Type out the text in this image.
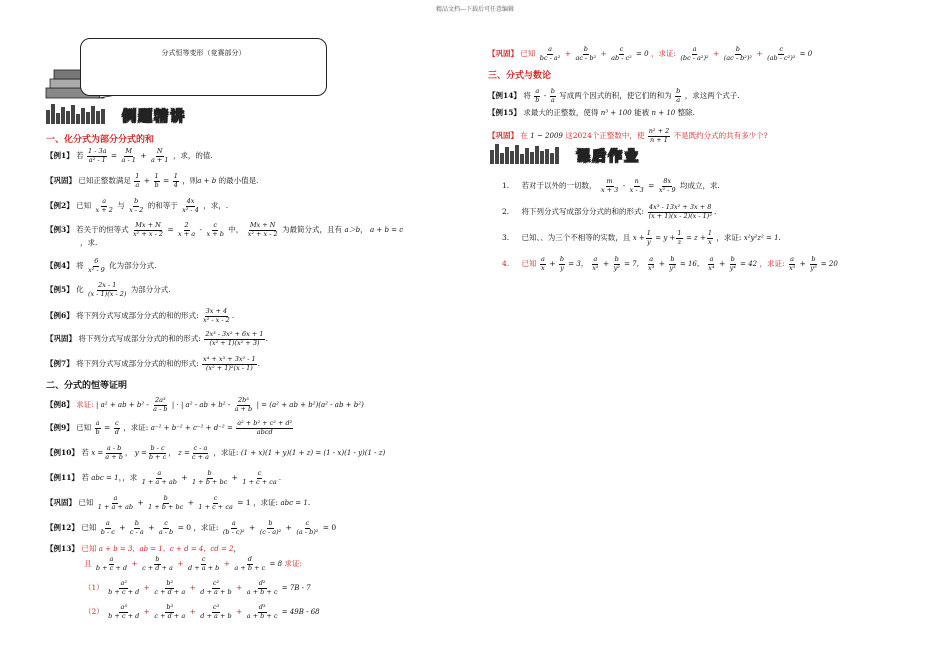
精品文档---下载后可任意编辑
分式恒等变形（竞赛部分）
例题精讲
一、化分式为部分分式的和
【例1】 若 $\frac{1 - 3a}{\text{a² - 1}} = \frac{M}{a - 1} + \frac{N}{a + 1}$ ，求，的值.
【巩固】 已知正整数满足 $\frac{1}{a} + \frac{1}{b} = \frac{1}{4}$ ，则a + b 的最小值是.
【例2】 已知 $\frac{a}{x + 2}$ 与 $\frac{b}{x - 2}$ 的和等于 $\frac{4x}{\text{x² - 4}}$ ，求，.
【例3】 若关于的恒等式 $\frac{Mx + N}{\text{x² + x - 2}} = \frac{2}{x + a} - \frac{c}{x + b}$ 中， $\frac{Mx + N}{\text{x² + x - 2}}$ 为最简分式，且有 a＞b， a + b = c
，求.
【例4】 将 $\frac{6}{\text{x² - 9}}$ 化为部分分式.
【例5】 化 $\frac{2x - 1}{(x - 1)(x - 2)}$ 为部分分式.
【例6】 将下列分式写成部分分式的和的形式: $\frac{3x + 4}{\text{x² - x - 2}}$ .
【巩固】 将下列分式写成部分分式的和的形式: $\frac{\text{2x³ - 3x² + 6x + 1}}{\text{(x² + 1)(x² + 3)}}$ .
【例7】 将下列分式写成部分分式的和的形式: $\frac{\text{x⁴ + x³ + 3x² - 1}}{\text{(x² + 1)²(x - 1)}}$ .
二、分式的恒等证明
【例8】 求证: | a² + ab + $b^2 - \frac{\text{2a³}}{a - b}$ | · | a² - ab + $b^2 - \frac{\text{2b³}}{a + b}$ | = (a² + ab + b²)(a² - ab + b²)
【例9】 已知 $\frac{a}{b} = \frac{c}{d}$ ，求证: $a^{-2} + b^{-2} + c^{-2} + d^{-2} = \frac{\text{a² + b² + c² + d²}}{\text{abcd}}$
【例10】 若 $x = \frac{a - b}{a + b}$ ， $y = \frac{b - c}{b + c}$ ， $z = \frac{c - a}{c + a}$ ，求证: (1 + x)(1 + y)(1 + z) = (1 - x)(1 - y)(1 - z)
【例11】 若 abc = 1，，求 $\frac{a}{1 + a + ab} + \frac{b}{1 + b + bc} + \frac{c}{1 + c + ca}$ .
【巩固】 已知 $\frac{a}{1 + a + ab} + \frac{b}{1 + b + bc} + \frac{c}{1 + c + ca} = 1$ ，求证: abc = 1.
【例12】 已知 $\frac{a}{b - c} + \frac{b}{c - a} + \frac{c}{a - b} = 0$ ，求证: $\frac{a}{\text{(b - c)²}} + \frac{b}{\text{(c - a)²}} + \frac{c}{\text{(a - b)²}} = 0$
【例13】 已知 a + b = 3，ab = 1，c + d = 4，cd = 2，
且 $\frac{a}{b + c + d} + \frac{b}{c + d + a} + \frac{c}{d + a + b} + \frac{d}{a + b + c} = 8$ 求证:
$(1) \frac{\text{a²}}{b + c + d} + \frac{\text{b²}}{c + d + a} + \frac{\text{c²}}{d + a + b} + \frac{\text{d²}}{a + b + c} = 7B - 7$
$(2) \frac{\text{a³}}{b + c + d} + \frac{\text{b³}}{c + d + a} + \frac{\text{c³}}{d + a + b} + \frac{\text{d³}}{a + b + c} = 49B - 68$
【巩固】 已知 $\frac{a}{\text{bc - a²}} + \frac{b}{\text{ac - b²}} + \frac{c}{\text{ab - c²}} = 0$ ，求证: $\frac{a}{\text{(bc - a²)²}} + \frac{b}{\text{(ac - b²)²}} + \frac{c}{\text{(ab - c²)²}} = 0$
三、分式与数论
【例14】 将 $\frac{a}{b} - \frac{b}{a}$ 写成两个因式的积，使它们的和为 $\frac{b}{a}$ ，求这两个式子.
【例15】 求最大的正整数，使得 n³ + 100 能被 n + 10 整除.
【巩固】 在 1 ~ 2009 这2024个正整数中，使 $\frac{\text{n² + 2}}{n + 1}$ 不是既约分式的共有多少个?
课后作业
1. 若对于以外的一切数， $\frac{m}{x + 3} - \frac{n}{x - 3} = \frac{8x}{\text{x² - 9}}$ 均成立，求.
2. 将下列分式写成部分分式的和的形式: $\frac{\text{4x³ - 13x² + 3x + 8}}{\text{(x + 1)(x - 2)(x - 1)²}}$ .
3. 已知、、为三个不相等的实数，且 $x + \frac{1}{y} = y + \frac{1}{z} = z + \frac{1}{x}$ ，求证: x²y²z² = 1.
4. 已知 $\frac{a}{x} + \frac{b}{y} = 3$， $\frac{a}{\text{x²}} + \frac{b}{\text{y²}} = 7$， $\frac{a}{\text{x³}} + \frac{b}{\text{y³}} = 16$， $\frac{a}{\text{x⁴}} + \frac{b}{\text{y⁴}} = 42$ ，求证: $\frac{a}{\text{x⁵}} + \frac{b}{\text{y⁵}} = 20$
